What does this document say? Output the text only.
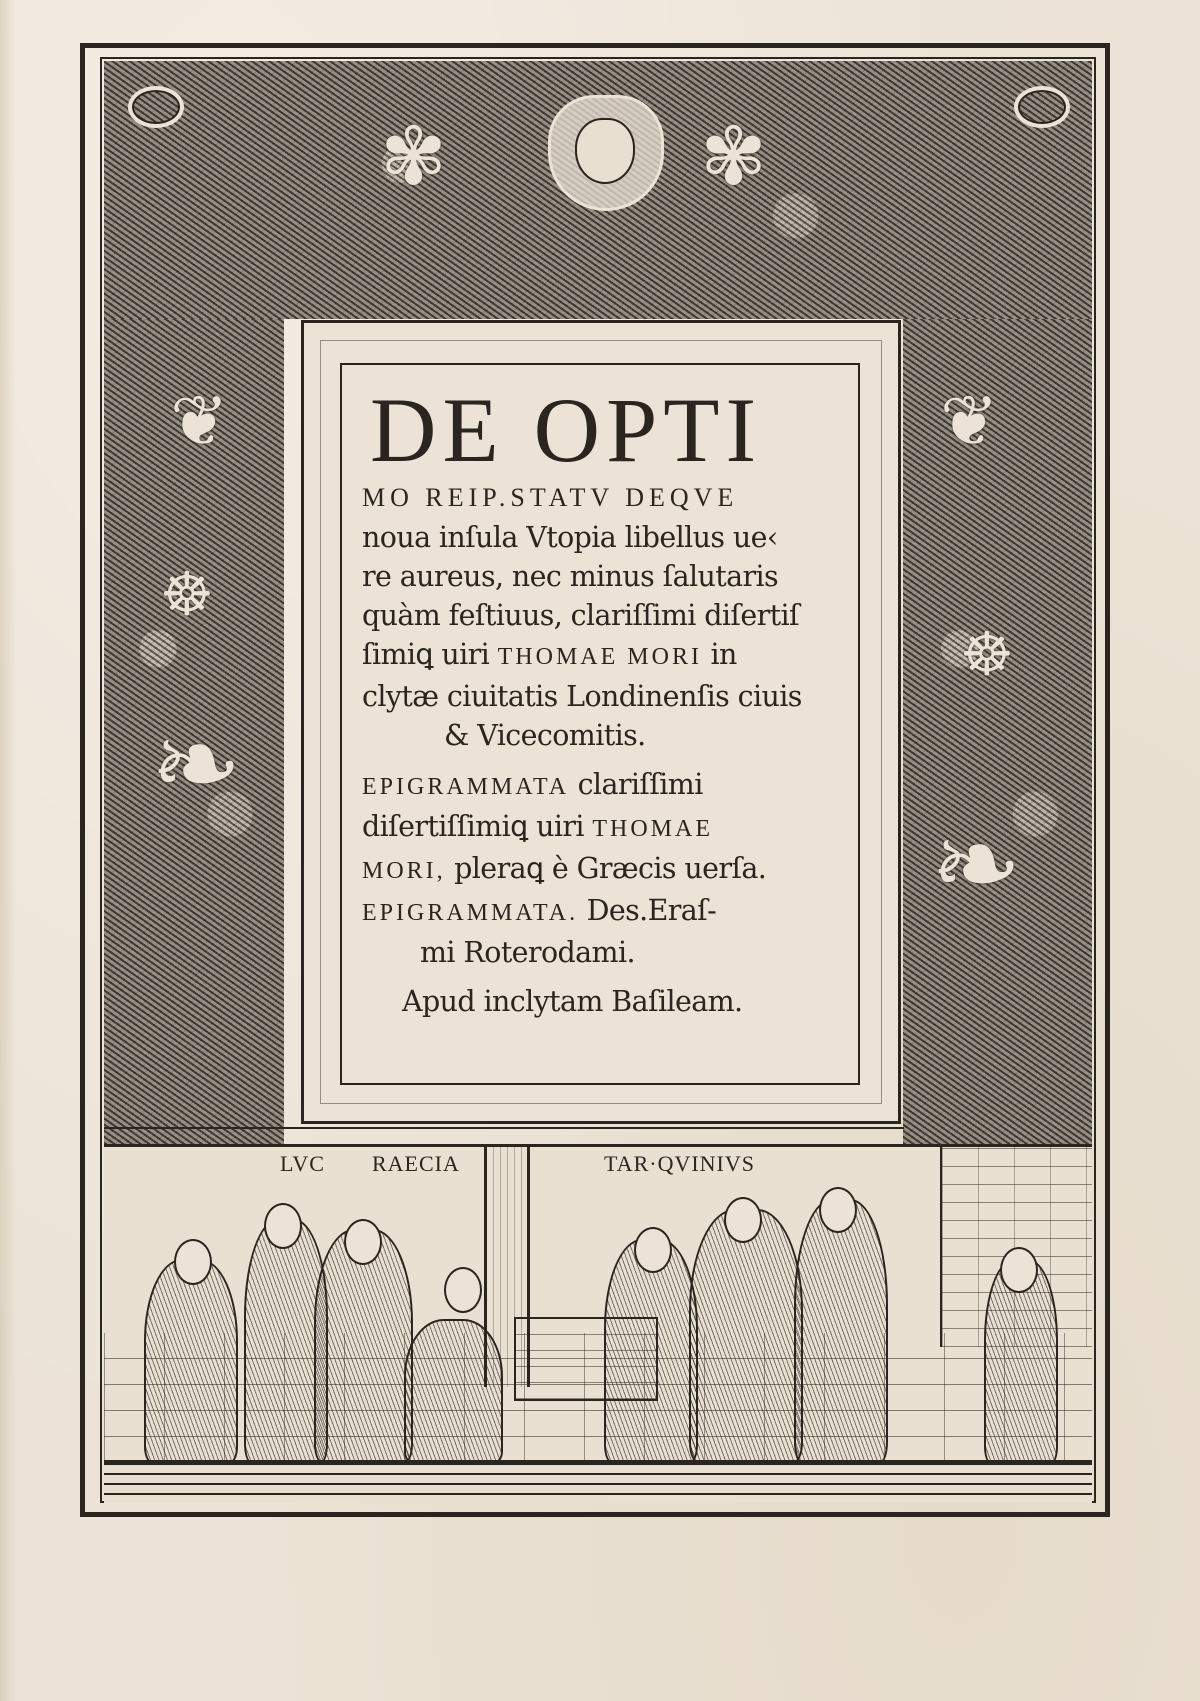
❦	❦
❧
❧
☸
☸
✾	✾
DE OPTI
MO REIP.STATV DEQVE
noua inſula Vtopia libellus ue‹
re aureus, nec minus ſalutaris
quàm feſtiuus, clariſſimi diſertiſ
ſimiꝗ uiri THOMAE MORI in
clytæ ciuitatis Londinenſis ciuis
& Vicecomitis.
EPIGRAMMATA clariſſimi
diſertiſſimiꝗ uiri THOMAE
MORI, pleraꝗ è Græcis uerſa.
EPIGRAMMATA. Des.Eraſ-
mi Roterodami.
Apud inclytam Baſileam.
LVC RAECIA	TAR·QVINIVS
